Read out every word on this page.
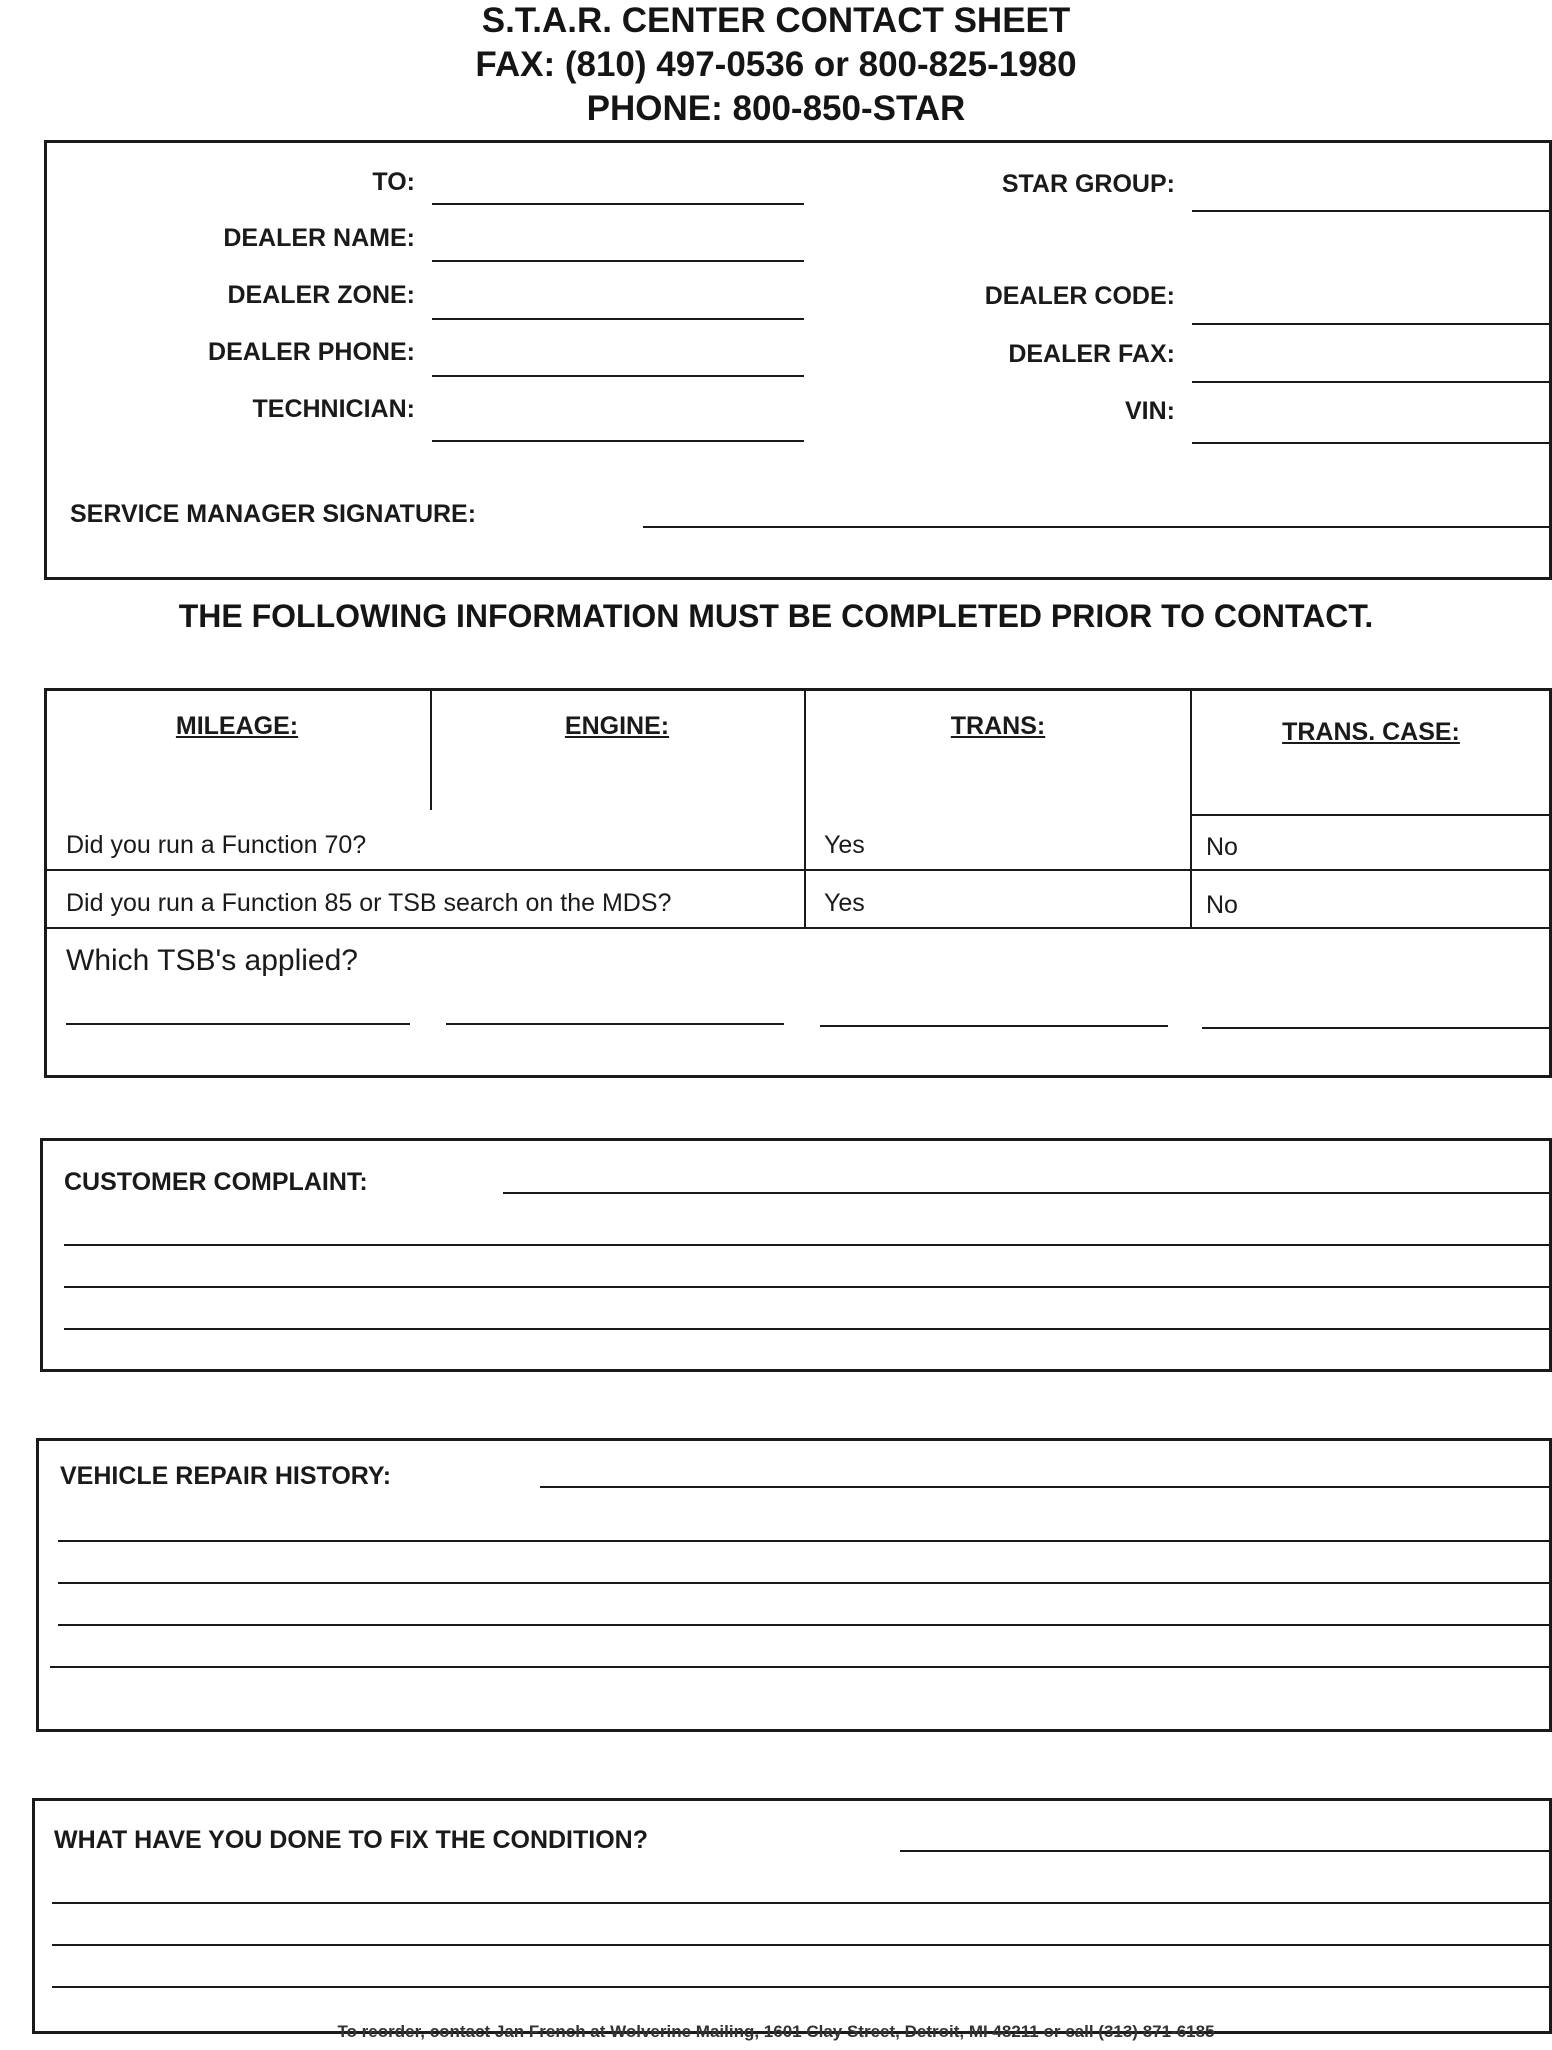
S.T.A.R. CENTER CONTACT SHEET
FAX: (810) 497-0536 or 800-825-1980
PHONE: 800-850-STAR
TO:
DEALER NAME:
DEALER ZONE:
DEALER PHONE:
TECHNICIAN:
STAR GROUP:
DEALER CODE:
DEALER FAX:
VIN:
SERVICE MANAGER SIGNATURE:
THE FOLLOWING INFORMATION MUST BE COMPLETED PRIOR TO CONTACT.
MILEAGE:	ENGINE:	TRANS:	TRANS. CASE:
Did you run a Function 70?	Yes	No
Did you run a Function 85 or TSB search on the MDS?	Yes	No
Which TSB's applied?
CUSTOMER COMPLAINT:
VEHICLE REPAIR HISTORY:
WHAT HAVE YOU DONE TO FIX THE CONDITION?
To reorder, contact Jan French at Wolverine Mailing, 1601 Clay Street, Detroit, MI 48211 or call (313) 871-6185
